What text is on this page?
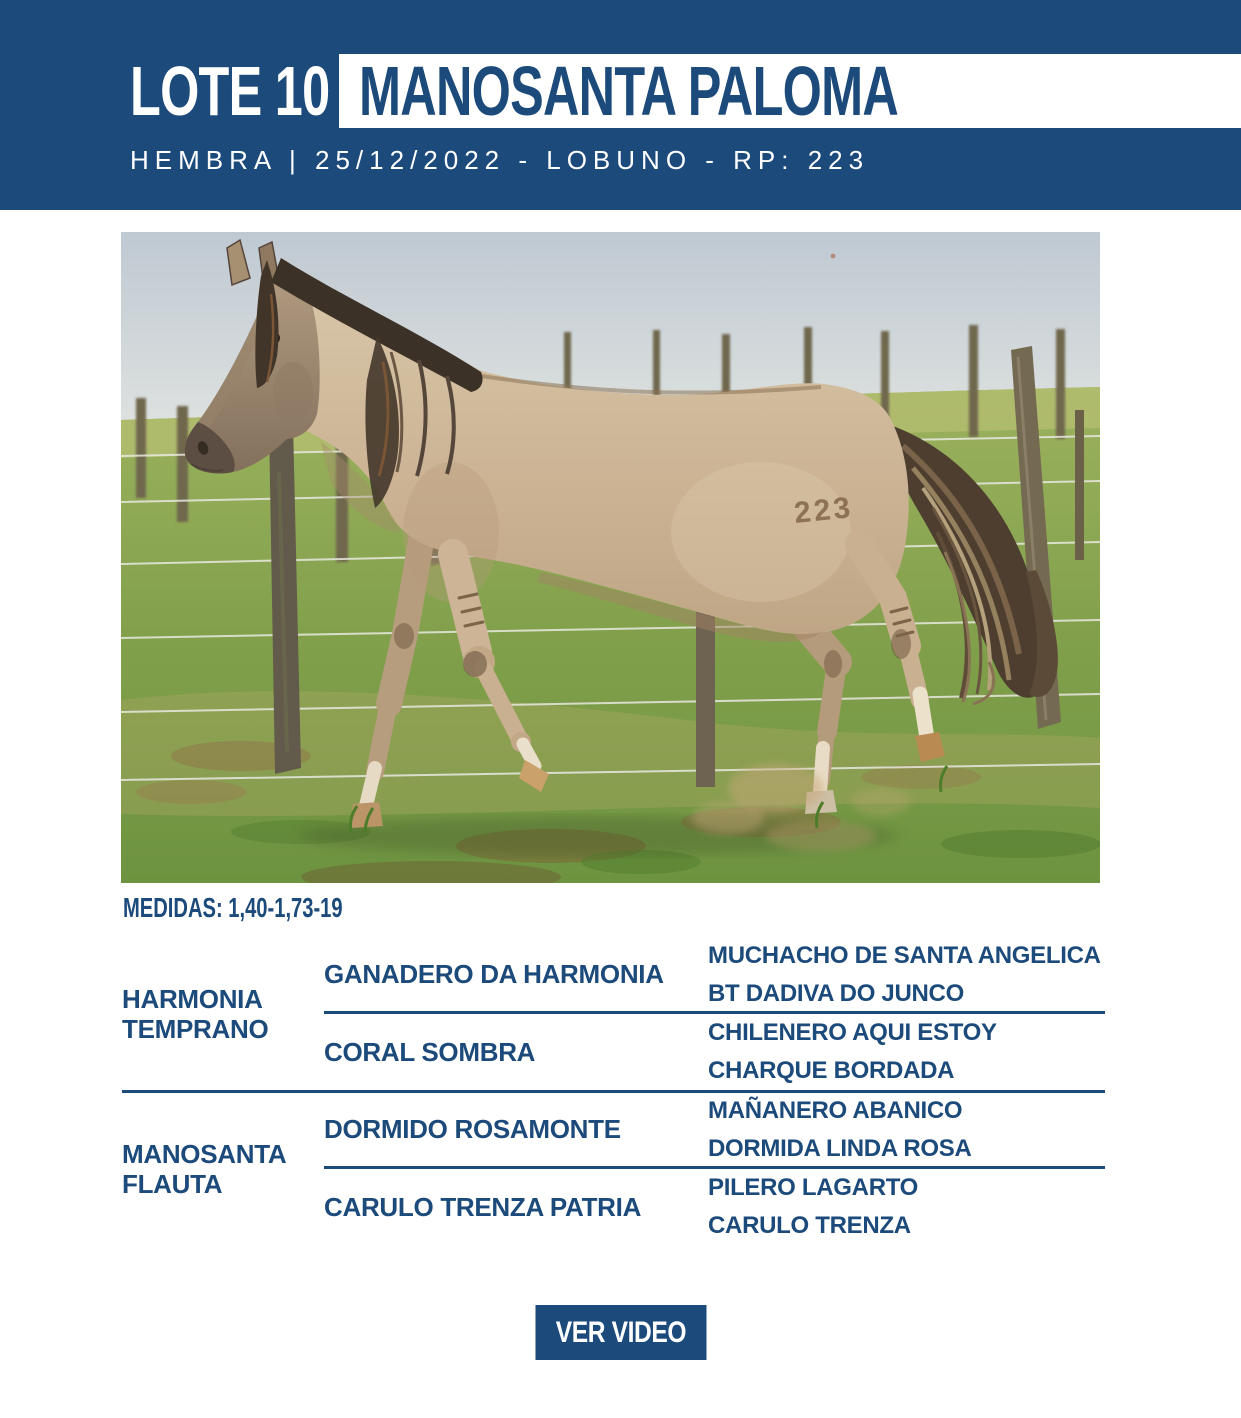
LOTE 10 MANOSANTA PALOMA
HEMBRA | 25/12/2022 - LOBUNO - RP: 223
223
MEDIDAS: 1,40-1,73-19
HARMONIA TEMPRANO
GANADERO DA HARMONIA
MUCHACHO DE SANTA ANGELICA
BT DADIVA DO JUNCO
CORAL SOMBRA
CHILENERO AQUI ESTOY
CHARQUE BORDADA
MANOSANTA FLAUTA
DORMIDO ROSAMONTE
MAÑANERO ABANICO
DORMIDA LINDA ROSA
CARULO TRENZA PATRIA
PILERO LAGARTO
CARULO TRENZA
VER VIDEO
